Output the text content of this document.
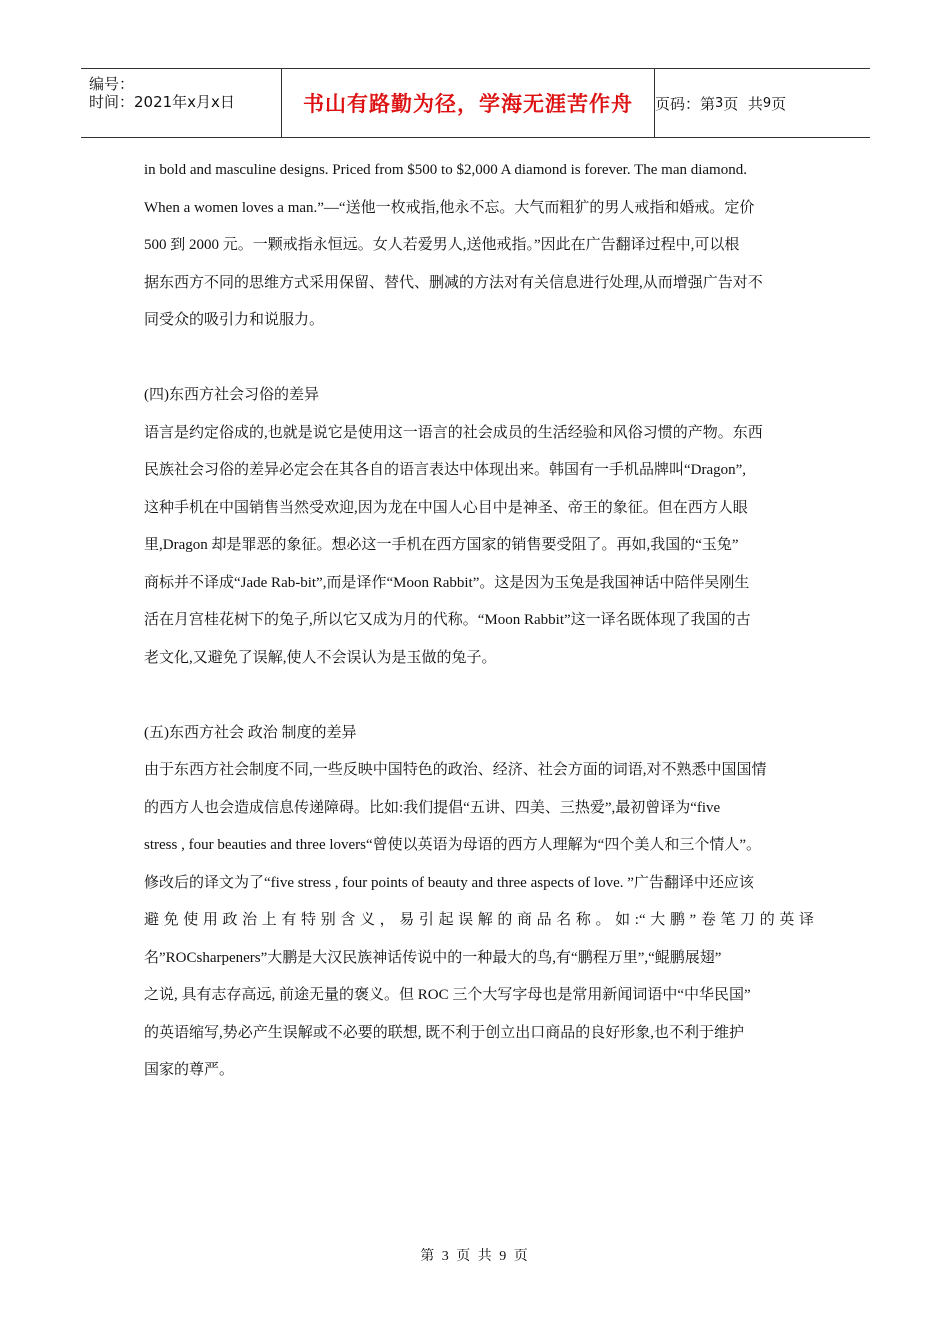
编号：
时间：2021年x月x日	书山有路勤为径，学海无涯苦作舟 页码：第 3 页  共 9 页
in bold and masculine designs. Priced from $500 to $2,000 A diamond is forever. The man diamond.
When a women loves a man.”—“送他一枚戒指,他永不忘。大气而粗犷的男人戒指和婚戒。定价
500 到 2000 元。一颗戒指永恒远。女人若爱男人,送他戒指。”因此在广告翻译过程中,可以根
据东西方不同的思维方式采用保留、替代、删减的方法对有关信息进行处理,从而增强广告对不
同受众的吸引力和说服力。
(四)东西方社会习俗的差异
语言是约定俗成的,也就是说它是使用这一语言的社会成员的生活经验和风俗习惯的产物。东西
民族社会习俗的差异必定会在其各自的语言表达中体现出来。韩国有一手机品牌叫“Dragon”,
这种手机在中国销售当然受欢迎,因为龙在中国人心目中是神圣、帝王的象征。但在西方人眼
里,Dragon 却是罪恶的象征。想必这一手机在西方国家的销售要受阻了。再如,我国的“玉兔”
商标并不译成“Jade Rab-bit”,而是译作“Moon Rabbit”。这是因为玉兔是我国神话中陪伴吴刚生
活在月宫桂花树下的兔子,所以它又成为月的代称。“Moon Rabbit”这一译名既体现了我国的古
老文化,又避免了误解,使人不会误认为是玉做的兔子。
(五)东西方社会 政治 制度的差异
由于东西方社会制度不同,一些反映中国特色的政治、经济、社会方面的词语,对不熟悉中国国情
的西方人也会造成信息传递障碍。比如:我们提倡“五讲、四美、三热爱”,最初曾译为“five
stress , four beauties and three lovers“曾使以英语为母语的西方人理解为“四个美人和三个情人”。
修改后的译文为了“five stress , four points of beauty and three aspects of love. ”广告翻译中还应该
避免使用政治上有特别含义，易引起误解的商品名称。如:“大鹏”卷笔刀的英译
名”ROCsharpeners”大鹏是大汉民族神话传说中的一种最大的鸟,有“鹏程万里”,“鲲鹏展翅”
之说, 具有志存高远, 前途无量的褒义。但 ROC 三个大写字母也是常用新闻词语中“中华民国”
的英语缩写,势必产生误解或不必要的联想, 既不利于创立出口商品的良好形象,也不利于维护
国家的尊严。
第 3 页 共 9 页
